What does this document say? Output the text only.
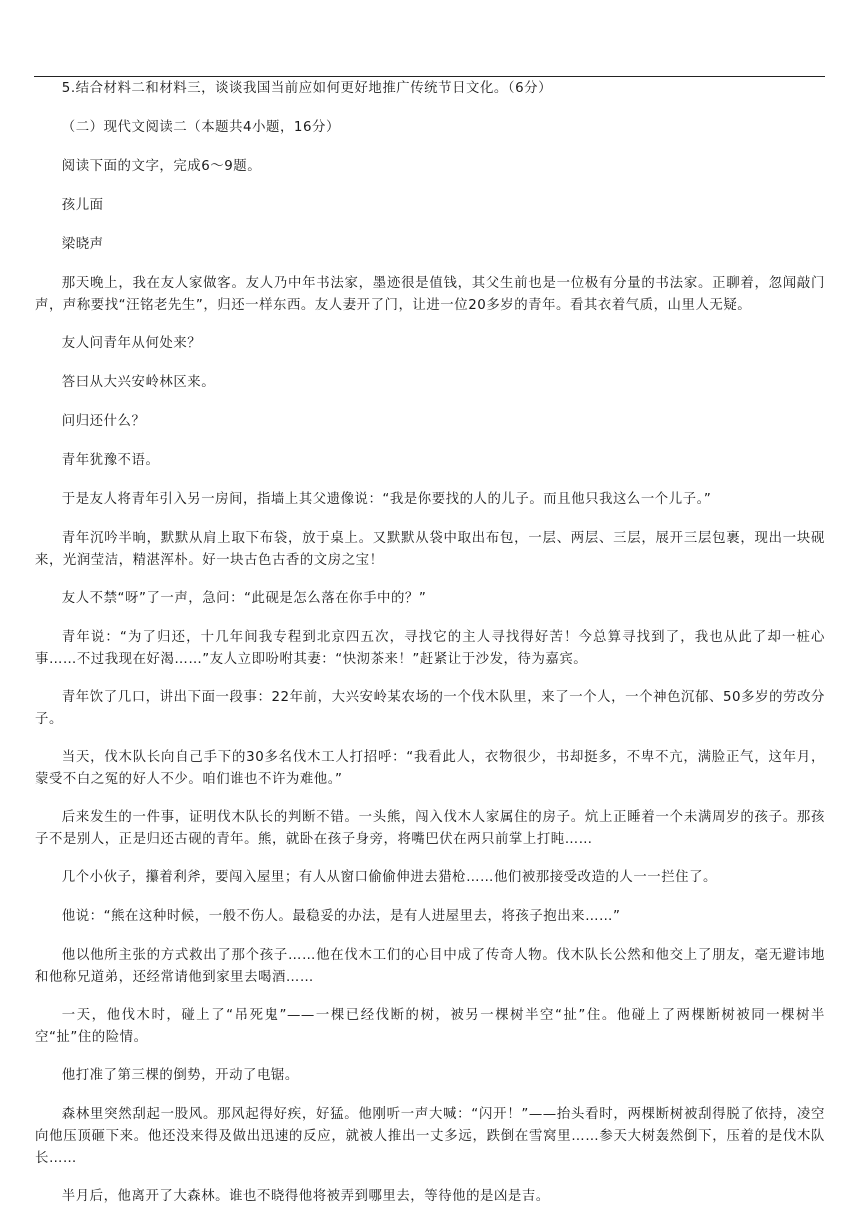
5.结合材料二和材料三，谈谈我国当前应如何更好地推广传统节日文化。（6分）

（二）现代文阅读二（本题共4小题，16分）

阅读下面的文字，完成6～9题。

孩儿面

梁晓声

那天晚上，我在友人家做客。友人乃中年书法家，墨迹很是值钱，其父生前也是一位极有分量的书法家。正聊着，忽闻敲门声，声称要找“汪铭老先生”，归还一样东西。友人妻开了门，让进一位20多岁的青年。看其衣着气质，山里人无疑。

友人问青年从何处来？

答曰从大兴安岭林区来。

问归还什么？

青年犹豫不语。

于是友人将青年引入另一房间，指墙上其父遗像说：“我是你要找的人的儿子。而且他只我这么一个儿子。”

青年沉吟半晌，默默从肩上取下布袋，放于桌上。又默默从袋中取出布包，一层、两层、三层，展开三层包裹，现出一块砚来，光润莹洁，精湛浑朴。好一块古色古香的文房之宝！

友人不禁“呀”了一声，急问：“此砚是怎么落在你手中的？”

青年说：“为了归还，十几年间我专程到北京四五次，寻找它的主人寻找得好苦！今总算寻找到了，我也从此了却一桩心事……不过我现在好渴……”友人立即吩咐其妻：“快沏茶来！”赶紧让于沙发，待为嘉宾。

青年饮了几口，讲出下面一段事：22年前，大兴安岭某农场的一个伐木队里，来了一个人，一个神色沉郁、50多岁的劳改分子。

当天，伐木队长向自己手下的30多名伐木工人打招呼：“我看此人，衣物很少，书却挺多，不卑不亢，满脸正气，这年月，蒙受不白之冤的好人不少。咱们谁也不许为难他。”

后来发生的一件事，证明伐木队长的判断不错。一头熊，闯入伐木人家属住的房子。炕上正睡着一个未满周岁的孩子。那孩子不是别人，正是归还古砚的青年。熊，就卧在孩子身旁，将嘴巴伏在两只前掌上打盹……

几个小伙子，攥着利斧，要闯入屋里；有人从窗口偷偷伸进去猎枪……他们被那接受改造的人一一拦住了。

他说：“熊在这种时候，一般不伤人。最稳妥的办法，是有人进屋里去，将孩子抱出来……”

他以他所主张的方式救出了那个孩子……他在伐木工们的心目中成了传奇人物。伐木队长公然和他交上了朋友，毫无避讳地和他称兄道弟，还经常请他到家里去喝酒……

一天，他伐木时，碰上了“吊死鬼”——一棵已经伐断的树，被另一棵树半空“扯”住。他碰上了两棵断树被同一棵树半空“扯”住的险情。

他打准了第三棵的倒势，开动了电锯。

森林里突然刮起一股风。那风起得好疾，好猛。他刚听一声大喊：“闪开！”——抬头看时，两棵断树被刮得脱了依持，凌空向他压顶砸下来。他还没来得及做出迅速的反应，就被人推出一丈多远，跌倒在雪窝里……参天大树轰然倒下，压着的是伐木队长……

半月后，他离开了大森林。谁也不晓得他将被弄到哪里去，等待他的是凶是吉。
